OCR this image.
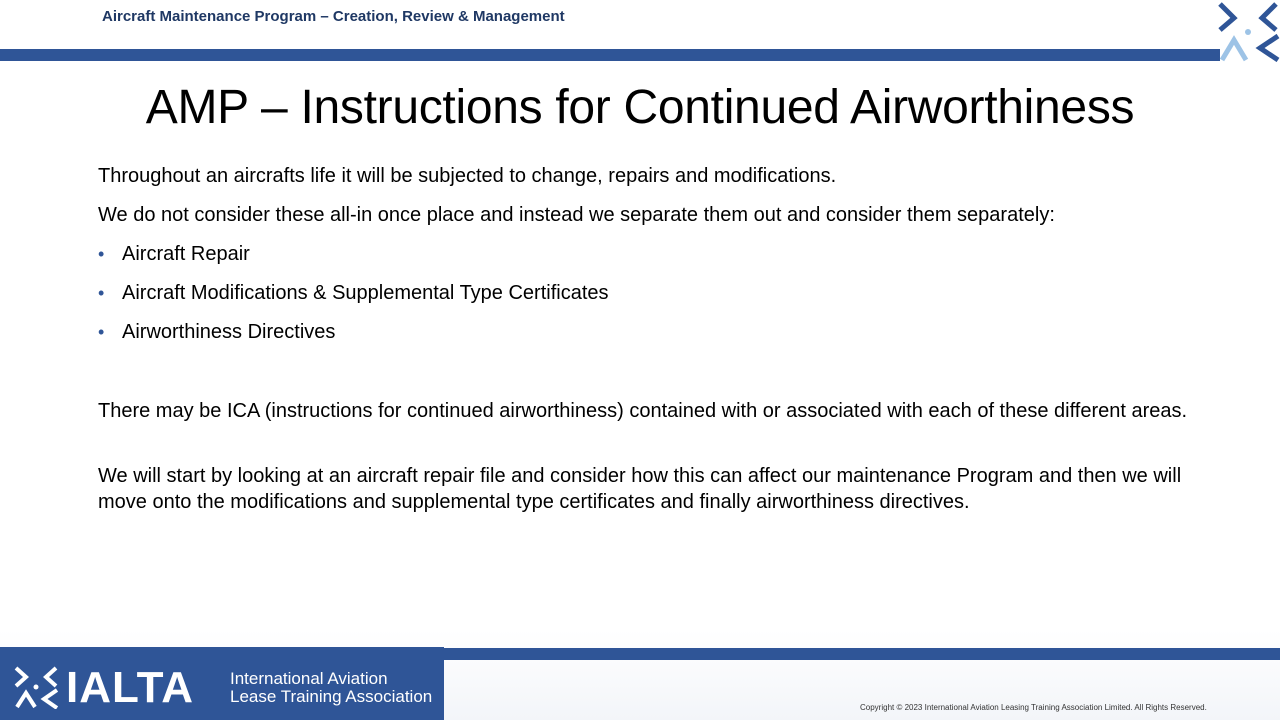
Aircraft Maintenance Program – Creation, Review & Management
AMP – Instructions for Continued Airworthiness
Throughout an aircrafts life it will be subjected to change, repairs and modifications.
We do not consider these all-in once place and instead we separate them out and consider them separately:
• Aircraft Repair
• Aircraft Modifications & Supplemental Type Certificates
• Airworthiness Directives
There may be ICA (instructions for continued airworthiness) contained with or associated with each of these different areas.
We will start by looking at an aircraft repair file and consider how this can affect our maintenance Program and then we will move onto the modifications and supplemental type certificates and finally airworthiness directives.
IALTA International Aviation
Lease Training Association
Copyright © 2023 International Aviation Leasing Training Association Limited. All Rights Reserved.
